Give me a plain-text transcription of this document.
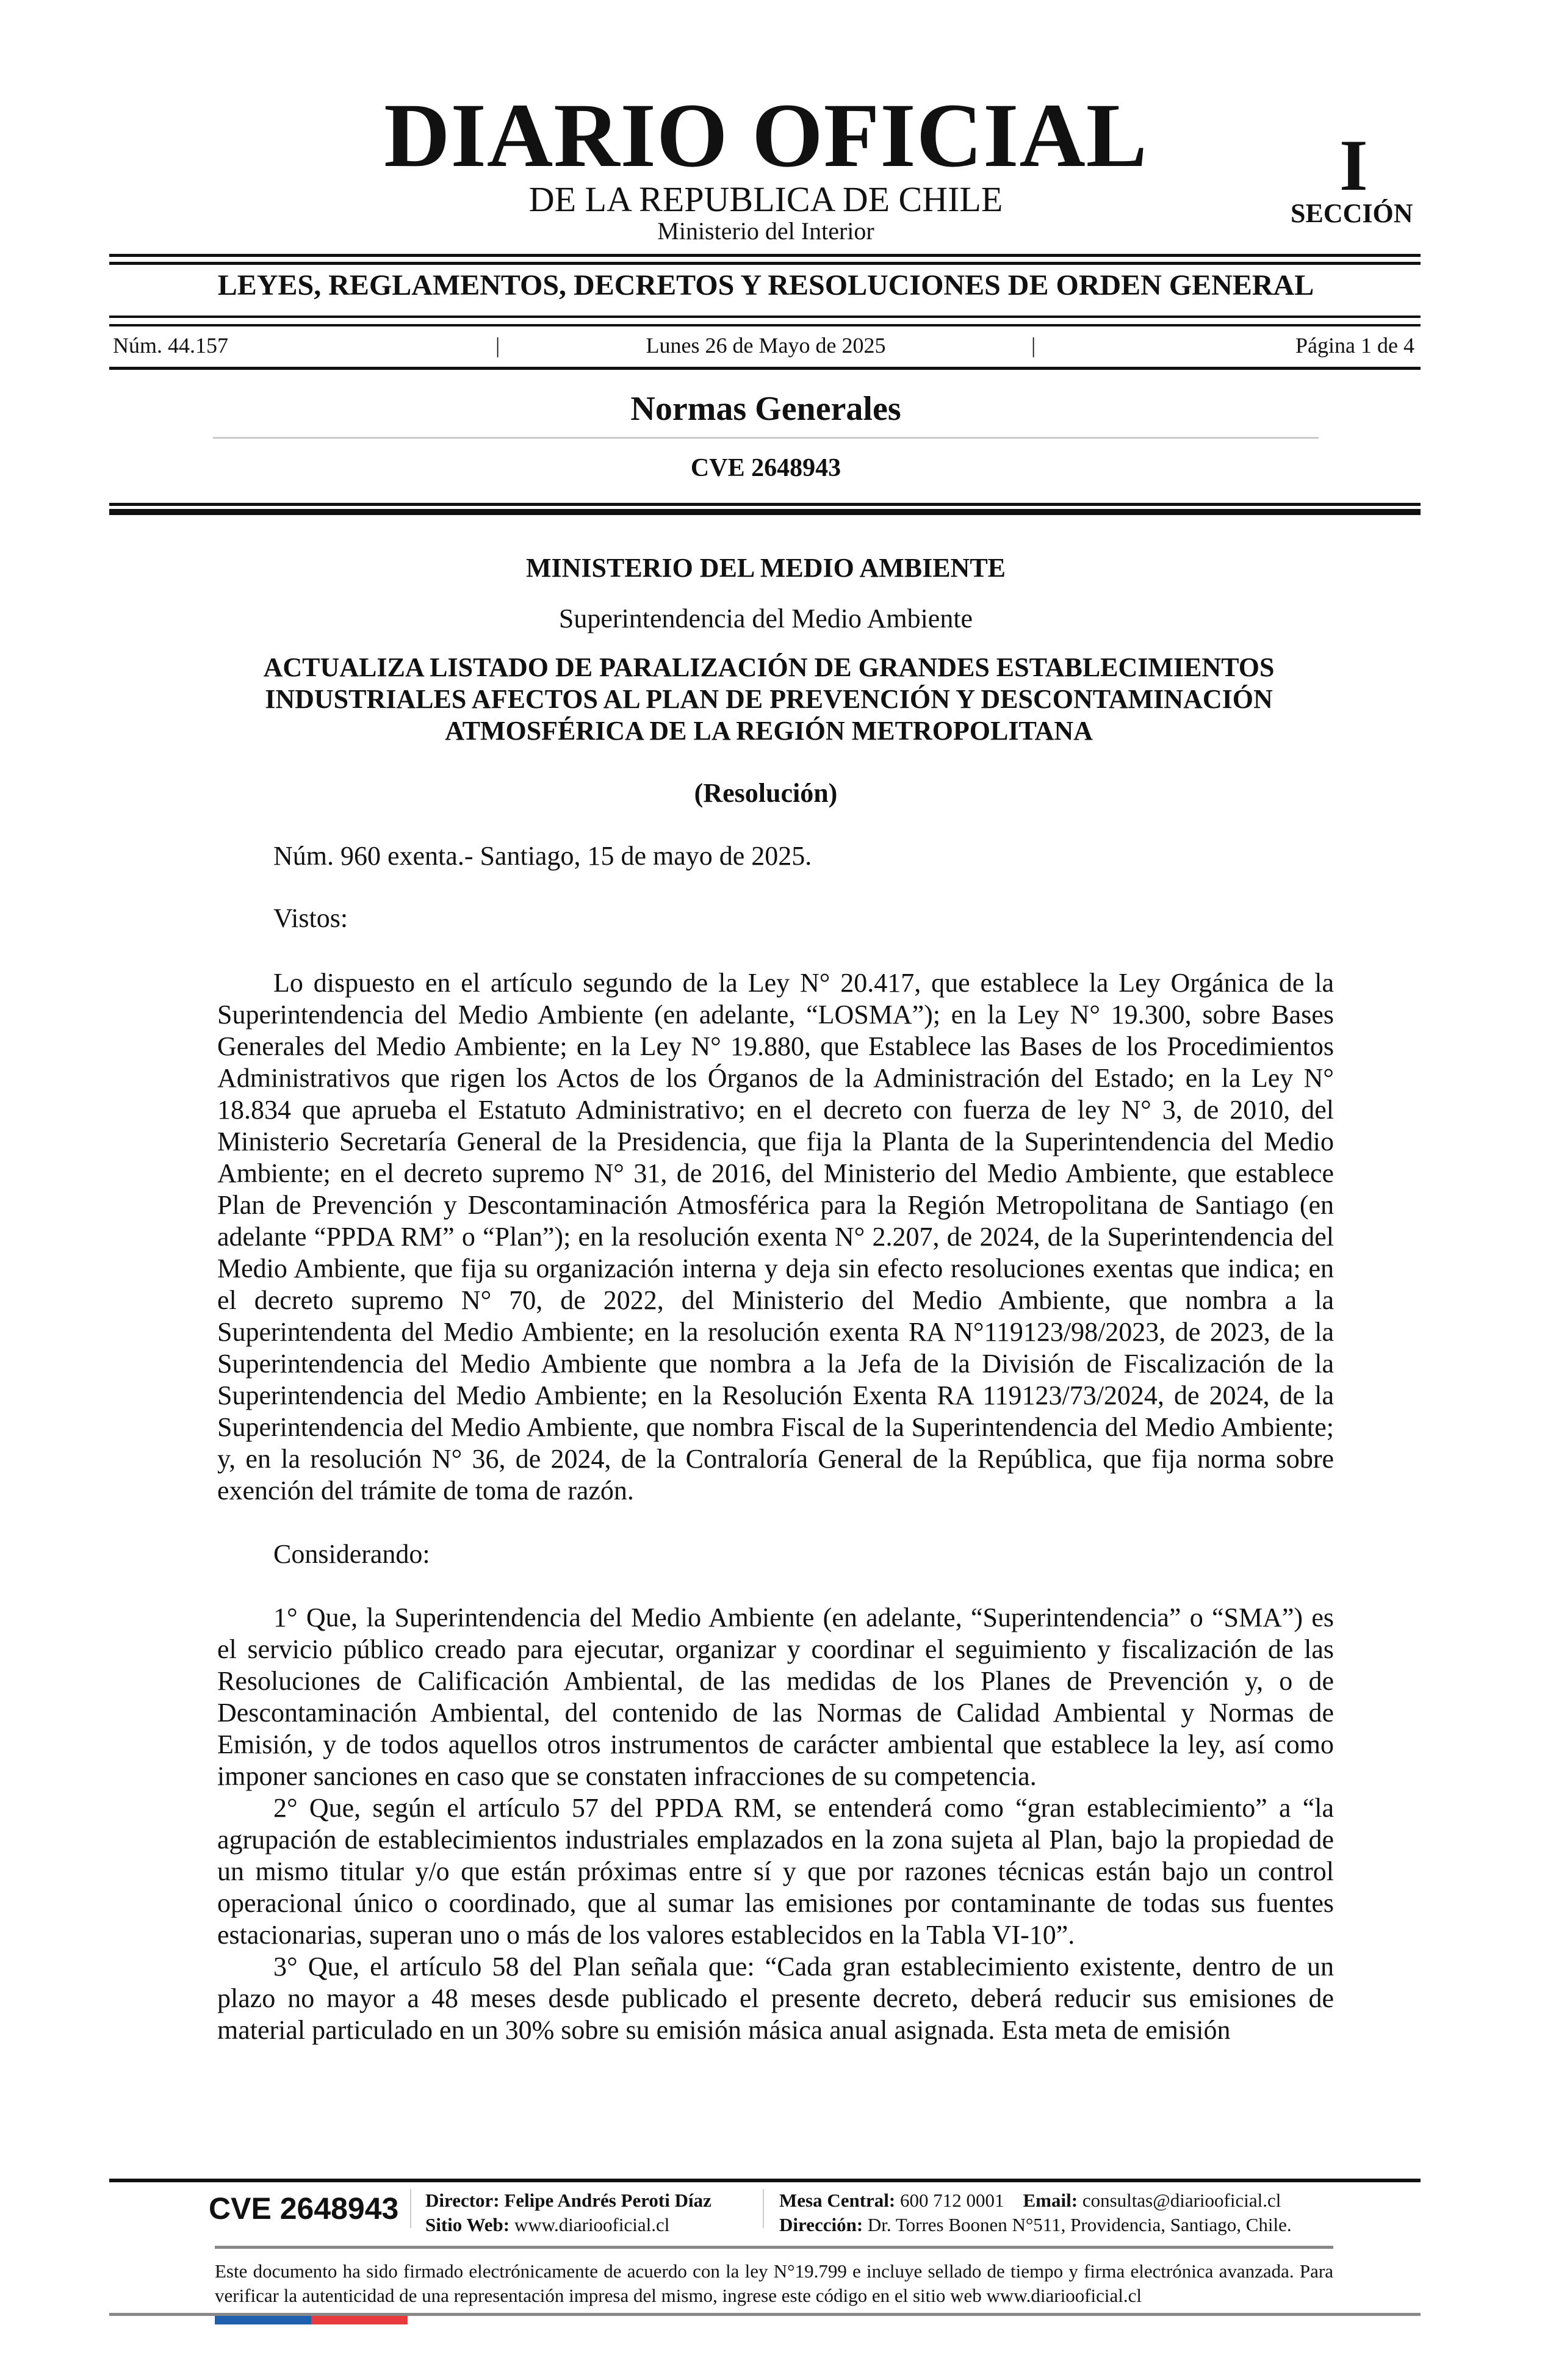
DIARIO OFICIAL	I
SECCIÓN
DE LA REPUBLICA DE CHILE
Ministerio del Interior
LEYES, REGLAMENTOS, DECRETOS Y RESOLUCIONES DE ORDEN GENERAL
Núm. 44.157	|	Lunes 26 de Mayo de 2025	|	Página 1 de 4
Normas Generales
CVE 2648943
MINISTERIO DEL MEDIO AMBIENTE
Superintendencia del Medio Ambiente
ACTUALIZA LISTADO DE PARALIZACIÓN DE GRANDES ESTABLECIMIENTOS INDUSTRIALES AFECTOS AL PLAN DE PREVENCIÓN Y DESCONTAMINACIÓN ATMOSFÉRICA DE LA REGIÓN METROPOLITANA
(Resolución)
Núm. 960 exenta.- Santiago, 15 de mayo de 2025.
Vistos:

Lo dispuesto en el artículo segundo de la Ley N° 20.417, que establece la Ley Orgánica de la Superintendencia del Medio Ambiente (en adelante, “LOSMA”); en la Ley N° 19.300, sobre Bases Generales del Medio Ambiente; en la Ley N° 19.880, que Establece las Bases de los Procedimientos Administrativos que rigen los Actos de los Órganos de la Administración del Estado; en la Ley N° 18.834 que aprueba el Estatuto Administrativo; en el decreto con fuerza de ley N° 3, de 2010, del Ministerio Secretaría General de la Presidencia, que fija la Planta de la Superintendencia del Medio Ambiente; en el decreto supremo N° 31, de 2016, del Ministerio del Medio Ambiente, que establece Plan de Prevención y Descontaminación Atmosférica para la Región Metropolitana de Santiago (en adelante “PPDA RM” o “Plan”); en la resolución exenta N° 2.207, de 2024, de la Superintendencia del Medio Ambiente, que fija su organización interna y deja sin efecto resoluciones exentas que indica; en el decreto supremo N° 70, de 2022, del Ministerio del Medio Ambiente, que nombra a la Superintendenta del Medio Ambiente; en la resolución exenta RA N°119123/98/2023, de 2023, de la Superintendencia del Medio Ambiente que nombra a la Jefa de la División de Fiscalización de la Superintendencia del Medio Ambiente; en la Resolución Exenta RA 119123/73/2024, de 2024, de la Superintendencia del Medio Ambiente, que nombra Fiscal de la Superintendencia del Medio Ambiente; y, en la resolución N° 36, de 2024, de la Contraloría General de la República, que fija norma sobre exención del trámite de toma de razón.

Considerando:

1° Que, la Superintendencia del Medio Ambiente (en adelante, “Superintendencia” o “SMA”) es el servicio público creado para ejecutar, organizar y coordinar el seguimiento y fiscalización de las Resoluciones de Calificación Ambiental, de las medidas de los Planes de Prevención y, o de Descontaminación Ambiental, del contenido de las Normas de Calidad Ambiental y Normas de Emisión, y de todos aquellos otros instrumentos de carácter ambiental que establece la ley, así como imponer sanciones en caso que se constaten infracciones de su competencia.

2° Que, según el artículo 57 del PPDA RM, se entenderá como “gran establecimiento” a “la agrupación de establecimientos industriales emplazados en la zona sujeta al Plan, bajo la propiedad de un mismo titular y/o que están próximas entre sí y que por razones técnicas están bajo un control operacional único o coordinado, que al sumar las emisiones por contaminante de todas sus fuentes estacionarias, superan uno o más de los valores establecidos en la Tabla VI-10”.

3° Que, el artículo 58 del Plan señala que: “Cada gran establecimiento existente, dentro de un plazo no mayor a 48 meses desde publicado el presente decreto, deberá reducir sus emisiones de material particulado en un 30% sobre su emisión másica anual asignada. Esta meta de emisión

CVE 2648943 Director: Felipe Andrés Peroti Díaz
Sitio Web: www.diariooficial.cl
Mesa Central: 600 712 0001 Email: consultas@diariooficial.cl
Dirección: Dr. Torres Boonen N°511, Providencia, Santiago, Chile.
Este documento ha sido firmado electrónicamente de acuerdo con la ley N°19.799 e incluye sellado de tiempo y firma electrónica avanzada. Para verificar la autenticidad de una representación impresa del mismo, ingrese este código en el sitio web www.diariooficial.cl
